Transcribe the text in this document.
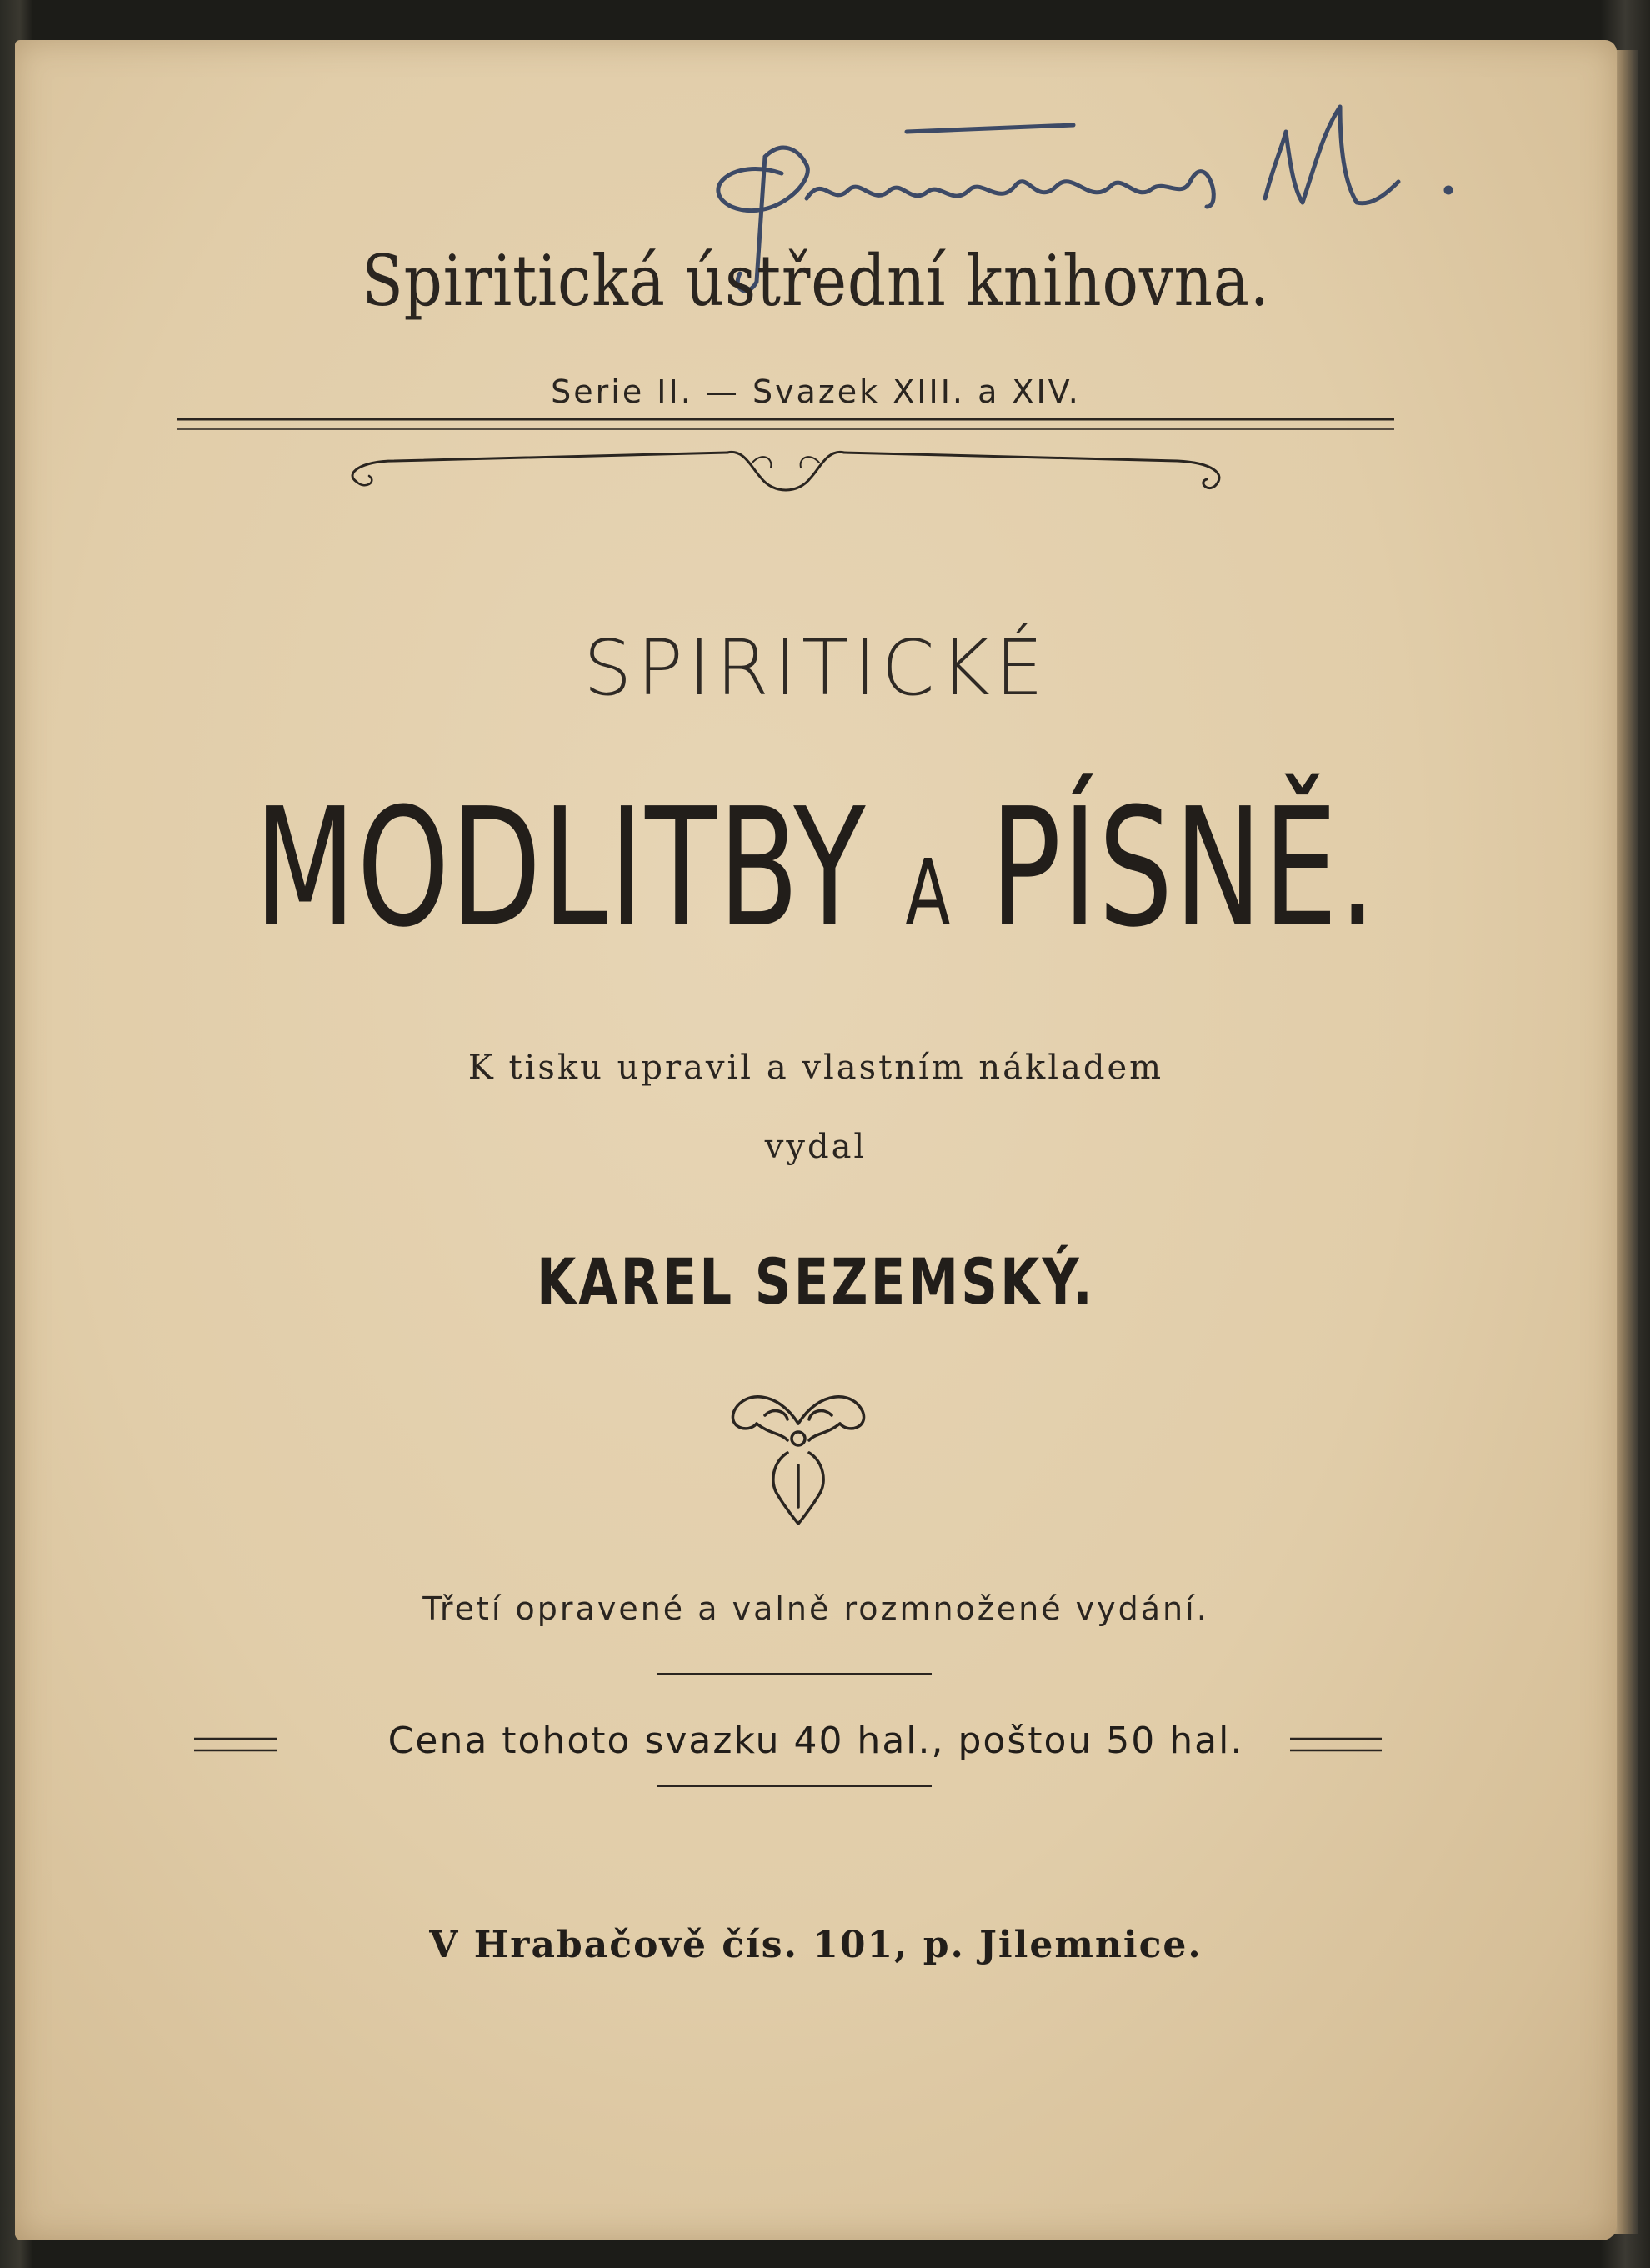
Spiritická ústřední knihovna.
Serie II. — Svazek XIII. a XIV.
SPIRITICKÉ
MODLITBY A PÍSNĚ.
K tisku upravil a vlastním nákladem
vydal
KAREL SEZEMSKÝ.
Třetí opravené a valně rozmnožené vydání.
Cena tohoto svazku 40 hal., poštou 50 hal.
V Hrabačově čís. 101, p. Jilemnice.
